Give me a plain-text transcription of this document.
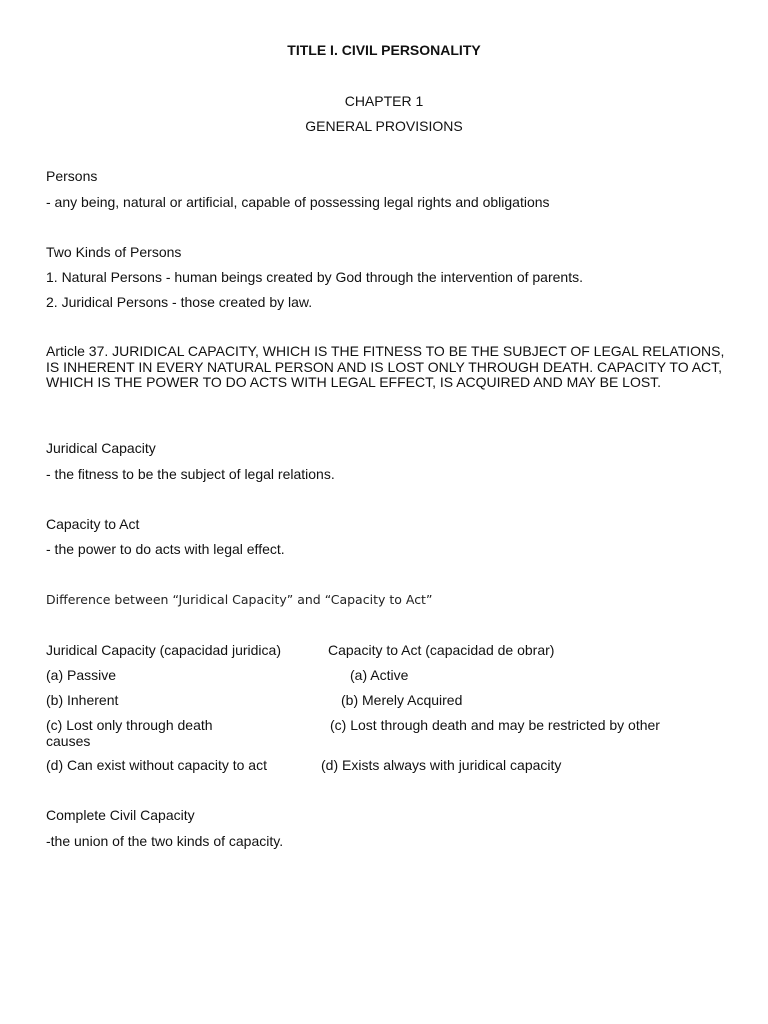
TITLE I. CIVIL PERSONALITY
CHAPTER 1
GENERAL PROVISIONS
Persons
- any being, natural or artificial, capable of possessing legal rights and obligations
Two Kinds of Persons
1. Natural Persons - human beings created by God through the intervention of parents.
2. Juridical Persons - those created by law.
Article 37. JURIDICAL CAPACITY, WHICH IS THE FITNESS TO BE THE SUBJECT OF LEGAL RELATIONS, IS INHERENT IN EVERY NATURAL PERSON AND IS LOST ONLY THROUGH DEATH. CAPACITY TO ACT, WHICH IS THE POWER TO DO ACTS WITH LEGAL EFFECT, IS ACQUIRED AND MAY BE LOST.
Juridical Capacity
- the fitness to be the subject of legal relations.
Capacity to Act
- the power to do acts with legal effect.
Difference between “Juridical Capacity” and “Capacity to Act”
Juridical Capacity (capacidad juridica)	Capacity to Act (capacidad de obrar)
(a) Passive	(a) Active
(b) Inherent	(b) Merely Acquired
(c) Lost only through death	(c) Lost through death and may be restricted by other
causes
(d) Can exist without capacity to act	(d) Exists always with juridical capacity
Complete Civil Capacity
-the union of the two kinds of capacity.
